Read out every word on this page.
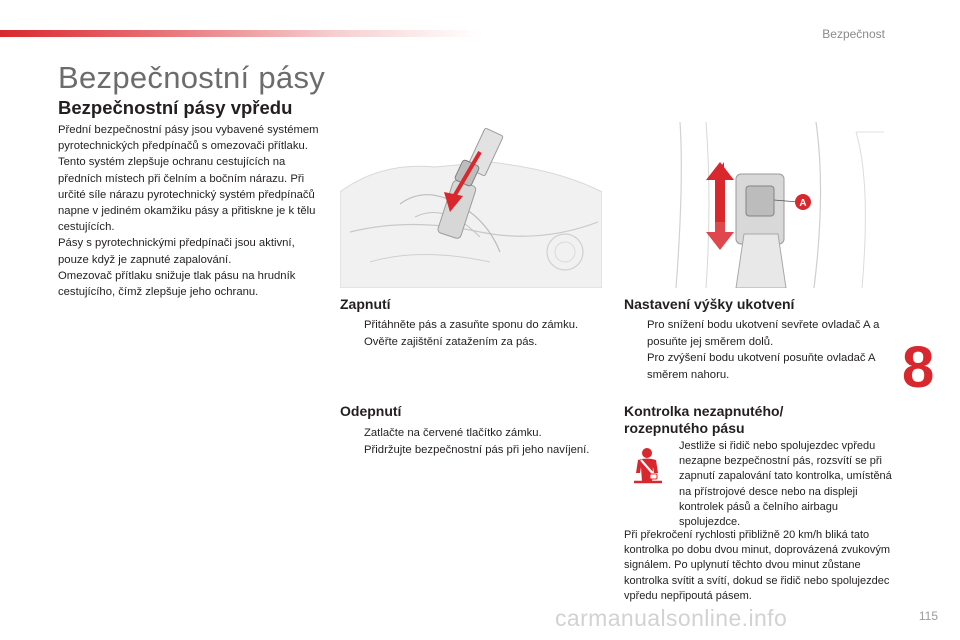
Bezpečnost
Bezpečnostní pásy
Bezpečnostní pásy vpředu

Přední bezpečnostní pásy jsou vybavené systémem pyrotechnických předpínačů s omezovači přítlaku.

Tento systém zlepšuje ochranu cestujících na předních místech při čelním a bočním nárazu. Při určité síle nárazu pyrotechnický systém předpínačů napne v jediném okamžiku pásy a přitiskne je k tělu cestujících.

Pásy s pyrotechnickými předpínači jsou aktivní, pouze když je zapnuté zapalování.

Omezovač přítlaku snižuje tlak pásu na hrudník cestujícího, čímž zlepšuje jeho ochranu.

A
Zapnutí
Přitáhněte pás a zasuňte sponu do zámku.
Ověřte zajištění zatažením za pás.
Odepnutí
Zatlačte na červené tlačítko zámku.
Přidržujte bezpečnostní pás při jeho navíjení.
Nastavení výšky ukotvení
Pro snížení bodu ukotvení sevřete ovladač A a posuňte jej směrem dolů.
Pro zvýšení bodu ukotvení posuňte ovladač A směrem nahoru.
Kontrolka nezapnutého/ rozepnutého pásu
Jestliže si řidič nebo spolujezdec vpředu nezapne bezpečnostní pás, rozsvítí se při zapnutí zapalování tato kontrolka, umístěná na přístrojové desce nebo na displeji kontrolek pásů a čelního airbagu spolujezdce.
Při překročení rychlosti přibližně 20 km/h bliká tato kontrolka po dobu dvou minut, doprovázená zvukovým signálem. Po uplynutí těchto dvou minut zůstane kontrolka svítit a svítí, dokud se řidič nebo spolujezdec vpředu nepřipoutá pásem.
8
carmanualsonline.info	115
